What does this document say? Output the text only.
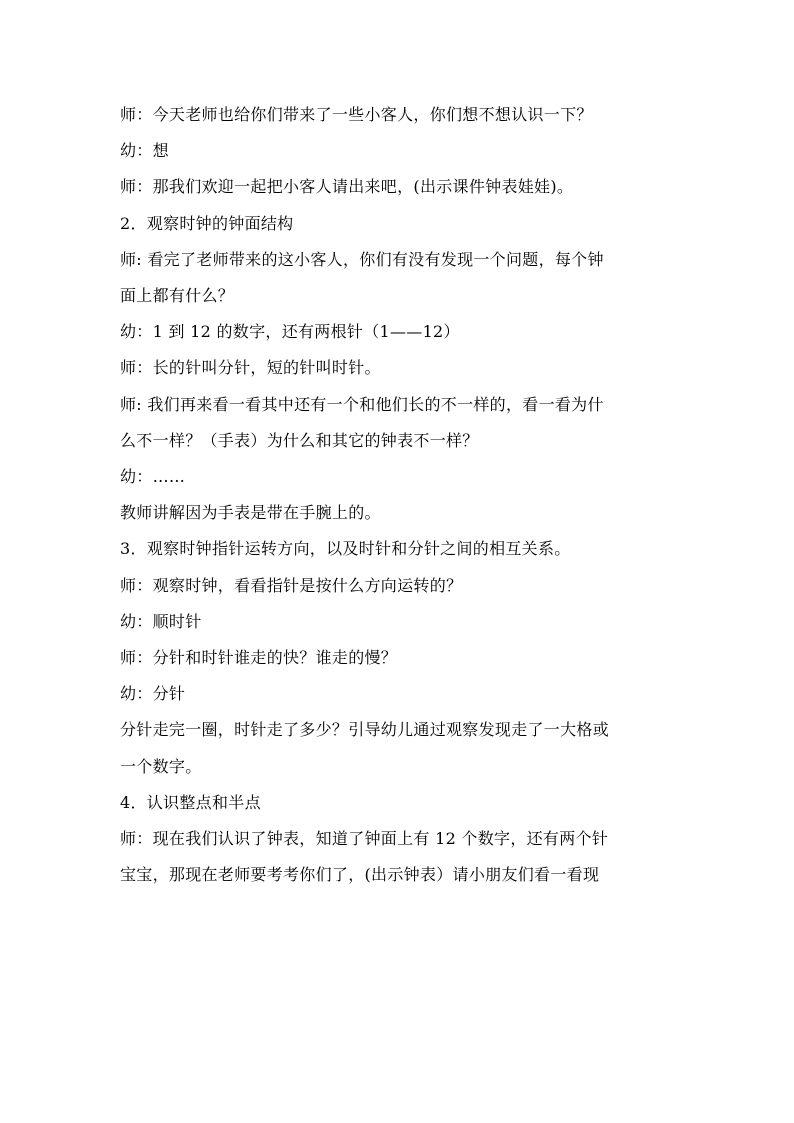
师：今天老师也给你们带来了一些小客人，你们想不想认识一下？

幼：想

师：那我们欢迎一起把小客人请出来吧，(出示课件钟表娃娃)。

2．观察时钟的钟面结构

师: 看完了老师带来的这小客人，你们有没有发现一个问题，每个钟

面上都有什么？

幼：1 到 12 的数字，还有两根针（1——12）

师：长的针叫分针，短的针叫时针。

师: 我们再来看一看其中还有一个和他们长的不一样的，看一看为什

么不一样？（手表）为什么和其它的钟表不一样？

幼：……

教师讲解因为手表是带在手腕上的。

3．观察时钟指针运转方向，以及时针和分针之间的相互关系。

师：观察时钟，看看指针是按什么方向运转的？

幼：顺时针

师：分针和时针谁走的快？谁走的慢？

幼：分针

分针走完一圈，时针走了多少？引导幼儿通过观察发现走了一大格或

一个数字。

4．认识整点和半点

师：现在我们认识了钟表，知道了钟面上有 12 个数字，还有两个针

宝宝，那现在老师要考考你们了，(出示钟表）请小朋友们看一看现
